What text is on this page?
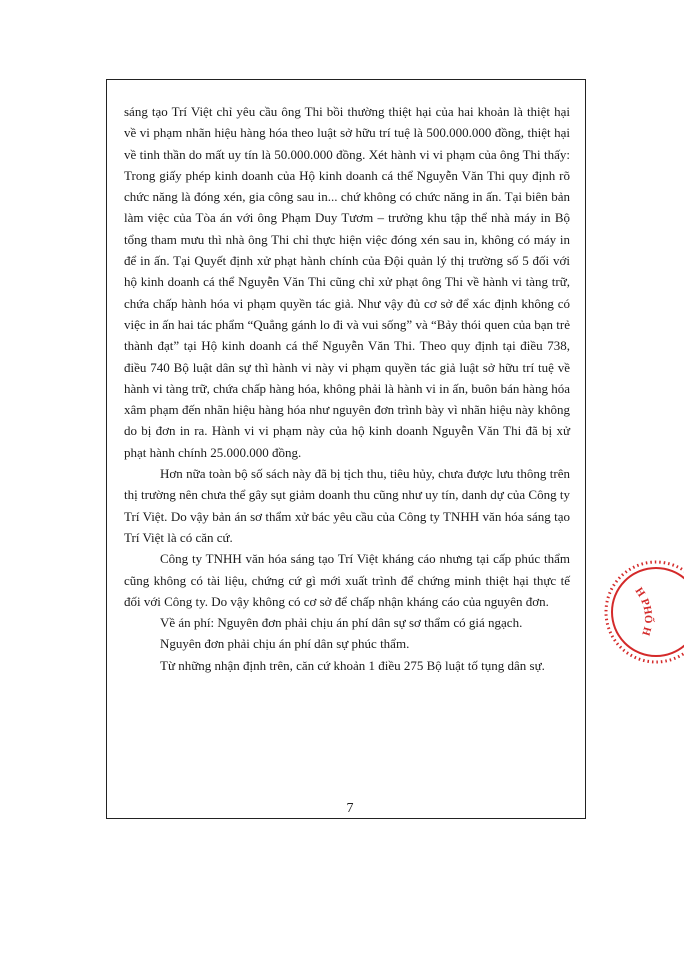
sáng tạo Trí Việt chỉ yêu cầu ông Thi bồi thường thiệt hại của hai khoản là thiệt hại về vi phạm nhãn hiệu hàng hóa theo luật sở hữu trí tuệ là 500.000.000 đồng, thiệt hại về tinh thần do mất uy tín là 50.000.000 đồng. Xét hành vi vi phạm của ông Thi thấy: Trong giấy phép kinh doanh của Hộ kinh doanh cá thể Nguyễn Văn Thi quy định rõ chức năng là đóng xén, gia công sau in... chứ không có chức năng in ấn. Tại biên bản làm việc của Tòa án với ông Phạm Duy Tươm – trưởng khu tập thể nhà máy in Bộ tổng tham mưu thì nhà ông Thi chỉ thực hiện việc đóng xén sau in, không có máy in để in ấn. Tại Quyết định xử phạt hành chính của Đội quản lý thị trường số 5 đối với hộ kinh doanh cá thể Nguyễn Văn Thi cũng chỉ xử phạt ông Thi về hành vi tàng trữ, chứa chấp hành hóa vi phạm quyền tác giả. Như vậy đủ cơ sở để xác định không có việc in ấn hai tác phẩm “Quẳng gánh lo đi và vui sống” và “Bảy thói quen của bạn trẻ thành đạt” tại Hộ kinh doanh cá thể Nguyễn Văn Thi. Theo quy định tại điều 738, điều 740 Bộ luật dân sự thì hành vi này vi phạm quyền tác giả luật sở hữu trí tuệ về hành vi tàng trữ, chứa chấp hàng hóa, không phải là hành vi in ấn, buôn bán hàng hóa xâm phạm đến nhãn hiệu hàng hóa như nguyên đơn trình bày vì nhãn hiệu này không do bị đơn in ra. Hành vi vi phạm này của hộ kinh doanh Nguyễn Văn Thi đã bị xử phạt hành chính 25.000.000 đồng.

Hơn nữa toàn bộ số sách này đã bị tịch thu, tiêu hủy, chưa được lưu thông trên thị trường nên chưa thể gây sụt giảm doanh thu cũng như uy tín, danh dự của Công ty Trí Việt. Do vậy bản án sơ thẩm xử bác yêu cầu của Công ty TNHH văn hóa sáng tạo Trí Việt là có căn cứ.

Công ty TNHH văn hóa sáng tạo Trí Việt kháng cáo nhưng tại cấp phúc thẩm cũng không có tài liệu, chứng cứ gì mới xuất trình để chứng minh thiệt hại thực tế đối với Công ty. Do vậy không có cơ sở để chấp nhận kháng cáo của nguyên đơn.

Về án phí: Nguyên đơn phải chịu án phí dân sự sơ thẩm có giá ngạch.

Nguyên đơn phải chịu án phí dân sự phúc thẩm.

Từ những nhận định trên, căn cứ khoản 1 điều 275 Bộ luật tố tụng dân sự.

7
H PHỐ H
